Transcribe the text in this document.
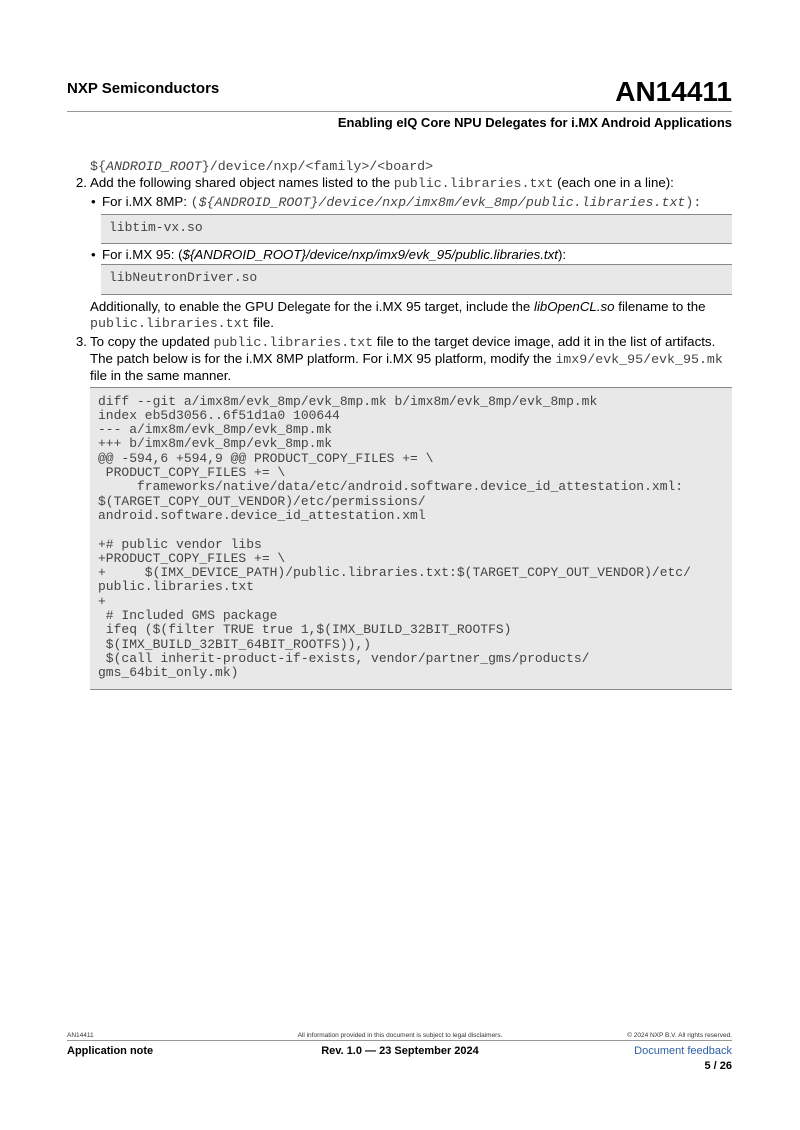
NXP Semiconductors	AN14411
Enabling eIQ Core NPU Delegates for i.MX Android Applications
${ANDROID_ROOT}/device/nxp/<family>/<board>
2. Add the following shared object names listed to the public.libraries.txt (each one in a line):
• For i.MX 8MP: (${ANDROID_ROOT}/device/nxp/imx8m/evk_8mp/public.libraries.txt):
libtim-vx.so
• For i.MX 95: (${ANDROID_ROOT}/device/nxp/imx9/evk_95/public.libraries.txt):
libNeutronDriver.so
Additionally, to enable the GPU Delegate for the i.MX 95 target, include the libOpenCL.so filename to the
public.libraries.txt file.
3. To copy the updated public.libraries.txt file to the target device image, add it in the list of artifacts.
The patch below is for the i.MX 8MP platform. For i.MX 95 platform, modify the imx9/evk_95/evk_95.mk
file in the same manner.
diff --git a/imx8m/evk_8mp/evk_8mp.mk b/imx8m/evk_8mp/evk_8mp.mk
index eb5d3056..6f51d1a0 100644
--- a/imx8m/evk_8mp/evk_8mp.mk
+++ b/imx8m/evk_8mp/evk_8mp.mk
@@ -594,6 +594,9 @@ PRODUCT_COPY_FILES += \
PRODUCT_COPY_FILES += \
frameworks/native/data/etc/android.software.device_id_attestation.xml:
$(TARGET_COPY_OUT_VENDOR)/etc/permissions/
android.software.device_id_attestation.xml

+# public vendor libs
+PRODUCT_COPY_FILES += \
+     $(IMX_DEVICE_PATH)/public.libraries.txt:$(TARGET_COPY_OUT_VENDOR)/etc/
public.libraries.txt
+
# Included GMS package
ifeq ($(filter TRUE true 1,$(IMX_BUILD_32BIT_ROOTFS)
$(IMX_BUILD_32BIT_64BIT_ROOTFS)),)
$(call inherit-product-if-exists, vendor/partner_gms/products/
gms_64bit_only.mk)
AN14411	All information provided in this document is subject to legal disclaimers.	© 2024 NXP B.V. All rights reserved.
Application note	Rev. 1.0 — 23 September 2024	Document feedback
5 / 26
